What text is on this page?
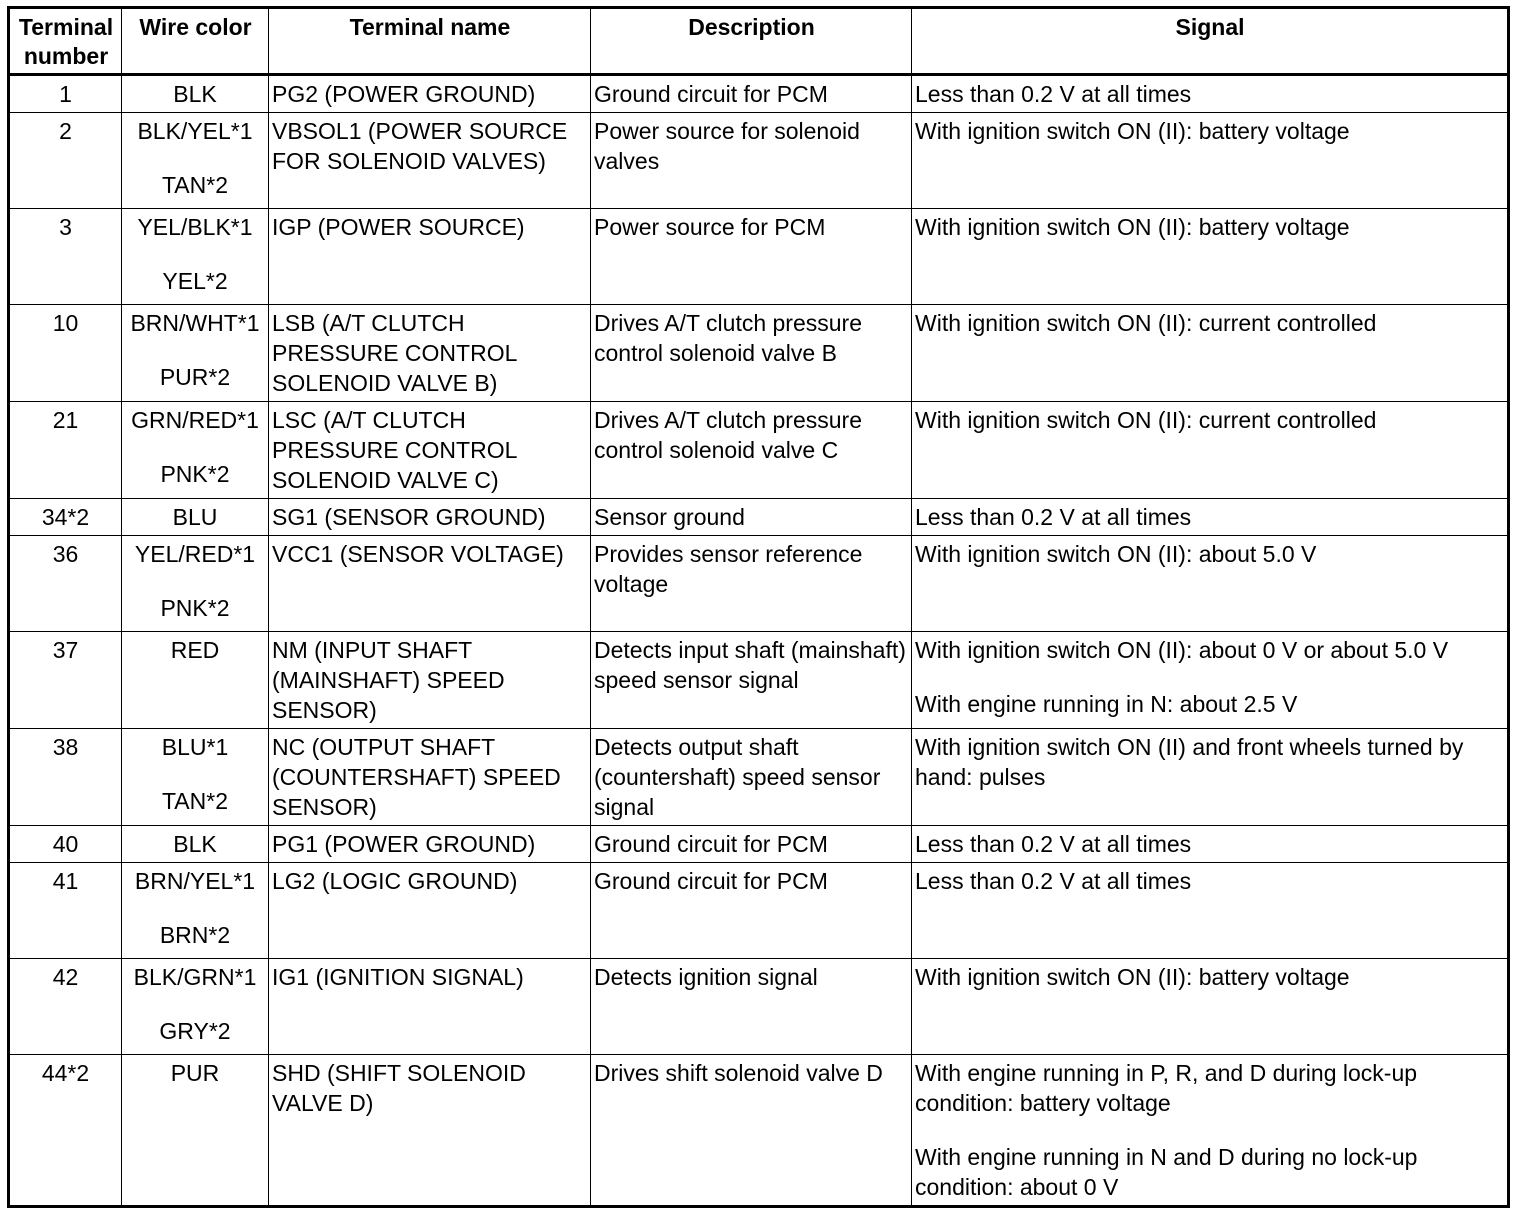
Terminal number	Wire color	Terminal name	Description	Signal
1	BLK	PG2 (POWER GROUND)	Ground circuit for PCM	Less than 0.2 V at all times

2	BLK/YEL*1
TAN*2	VBSOL1 (POWER SOURCE FOR SOLENOID VALVES)	Power source for solenoid valves	With ignition switch ON (II): battery voltage

3	YEL/BLK*1
YEL*2	IGP (POWER SOURCE)	Power source for PCM	With ignition switch ON (II): battery voltage

10	BRN/WHT*1
PUR*2	LSB (A/T CLUTCH PRESSURE CONTROL SOLENOID VALVE B)	Drives A/T clutch pressure control solenoid valve B	With ignition switch ON (II): current controlled

21	GRN/RED*1
PNK*2	LSC (A/T CLUTCH PRESSURE CONTROL SOLENOID VALVE C)	Drives A/T clutch pressure control solenoid valve C	With ignition switch ON (II): current controlled

34*2	BLU	SG1 (SENSOR GROUND)	Sensor ground	Less than 0.2 V at all times

36	YEL/RED*1
PNK*2	VCC1 (SENSOR VOLTAGE)	Provides sensor reference voltage	With ignition switch ON (II): about 5.0 V

37	RED	NM (INPUT SHAFT (MAINSHAFT) SPEED SENSOR)	Detects input shaft (mainshaft) speed sensor signal	With ignition switch ON (II): about 0 V or about 5.0 V
With engine running in N: about 2.5 V

38	BLU*1
TAN*2	NC (OUTPUT SHAFT (COUNTERSHAFT) SPEED SENSOR)	Detects output shaft (countershaft) speed sensor signal	With ignition switch ON (II) and front wheels turned by hand: pulses

40	BLK	PG1 (POWER GROUND)	Ground circuit for PCM	Less than 0.2 V at all times

41	BRN/YEL*1
BRN*2	LG2 (LOGIC GROUND)	Ground circuit for PCM	Less than 0.2 V at all times

42	BLK/GRN*1
GRY*2	IG1 (IGNITION SIGNAL)	Detects ignition signal	With ignition switch ON (II): battery voltage

44*2	PUR	SHD (SHIFT SOLENOID VALVE D)	Drives shift solenoid valve D	With engine running in P, R, and D during lock-up condition: battery voltage
With engine running in N and D during no lock-up condition: about 0 V
